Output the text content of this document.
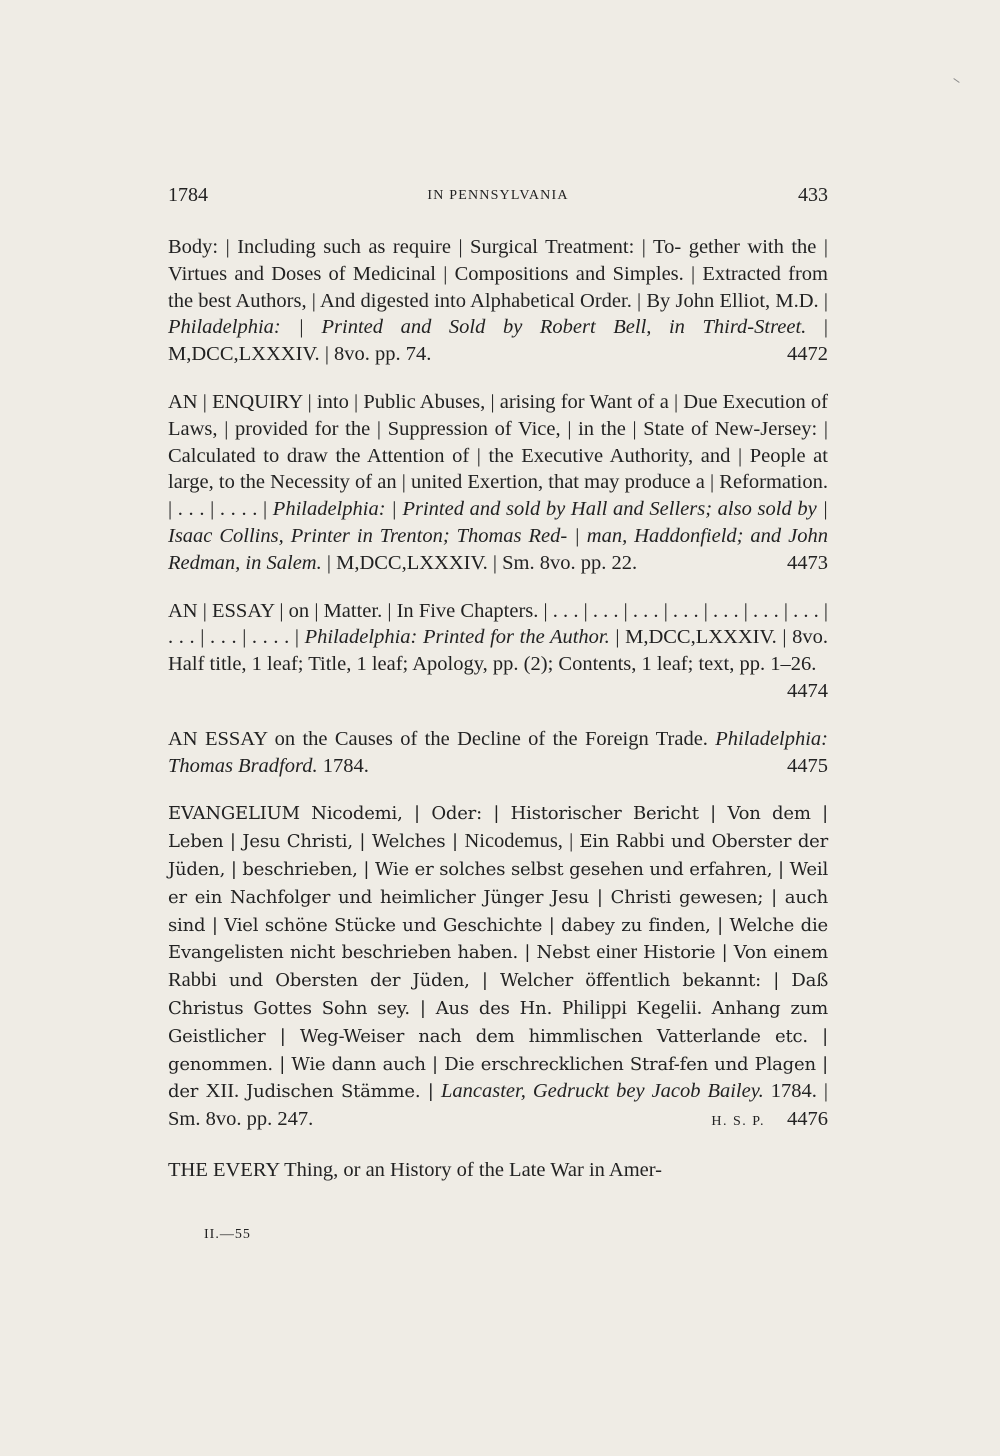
1784	IN PENNSYLVANIA	433

Body: | Including such as require | Surgical Treatment: | To- gether with the | Virtues and Doses of Medicinal | Compositions and Simples. | Extracted from the best Authors, | And digested into Alphabetical Order. | By John Elliot, M.D. | Philadelphia: | Printed and Sold by Robert Bell, in Third-Street. | M,DCC,LXXXIV. | 8vo. pp. 74.	4472

AN | ENQUIRY | into | Public Abuses, | arising for Want of a | Due Execution of Laws, | provided for the | Suppression of Vice, | in the | State of New-Jersey: | Calculated to draw the Attention of | the Executive Authority, and | People at large, to the Necessity of an | united Exertion, that may produce a | Reformation. | . . . | . . . . | Philadelphia: | Printed and sold by Hall and Sellers; also sold by | Isaac Collins, Printer in Trenton; Thomas Red- | man, Haddonfield; and John Redman, in Salem. | M,DCC,LXXXIV. | Sm. 8vo. pp. 22.	4473

AN | ESSAY | on | Matter. | In Five Chapters. | . . . | . . . | . . . | . . . | . . . | . . . | . . . | . . . | . . . | . . . . | Philadelphia: Printed for the Author. | M,DCC,LXXXIV. | 8vo. Half title, 1 leaf; Title, 1 leaf; Apology, pp. (2); Contents, 1 leaf; text, pp. 1–26.
4474

AN ESSAY on the Causes of the Decline of the Foreign Trade. Philadelphia: Thomas Bradford. 1784.	4475

EVANGELIUM Nicodemi, | Oder: | Historischer Bericht | Von dem | Leben | Jesu Christi, | Welches | Nicodemus, | Ein Rabbi und Oberster der Jüden, | beschrieben, | Wie er solches selbst gesehen und erfahren, | Weil er ein Nachfolger und heimlicher Jünger Jesu | Christi gewesen; | auch sind | Viel schöne Stücke und Geschichte | dabey zu finden, | Welche die Evangelisten nicht beschrieben haben. | Nebst einer Historie | Von einem Rabbi und Obersten der Jüden, | Welcher öffentlich bekannt: | Daß Christus Gottes Sohn sey. | Aus des Hn. Philippi Kegelii. Anhang zum Geistlicher | Weg-Weiser nach dem himmlischen Vatterlande etc. | genommen. | Wie dann auch | Die erschrecklichen Straf-fen und Plagen | der XII. Judischen Stämme. | Lancaster, Gedruckt bey Jacob Bailey. 1784. | Sm. 8vo. pp. 247.	H. S. P. 4476

THE EVERY Thing, or an History of the Late War in Amer-

II.—55
